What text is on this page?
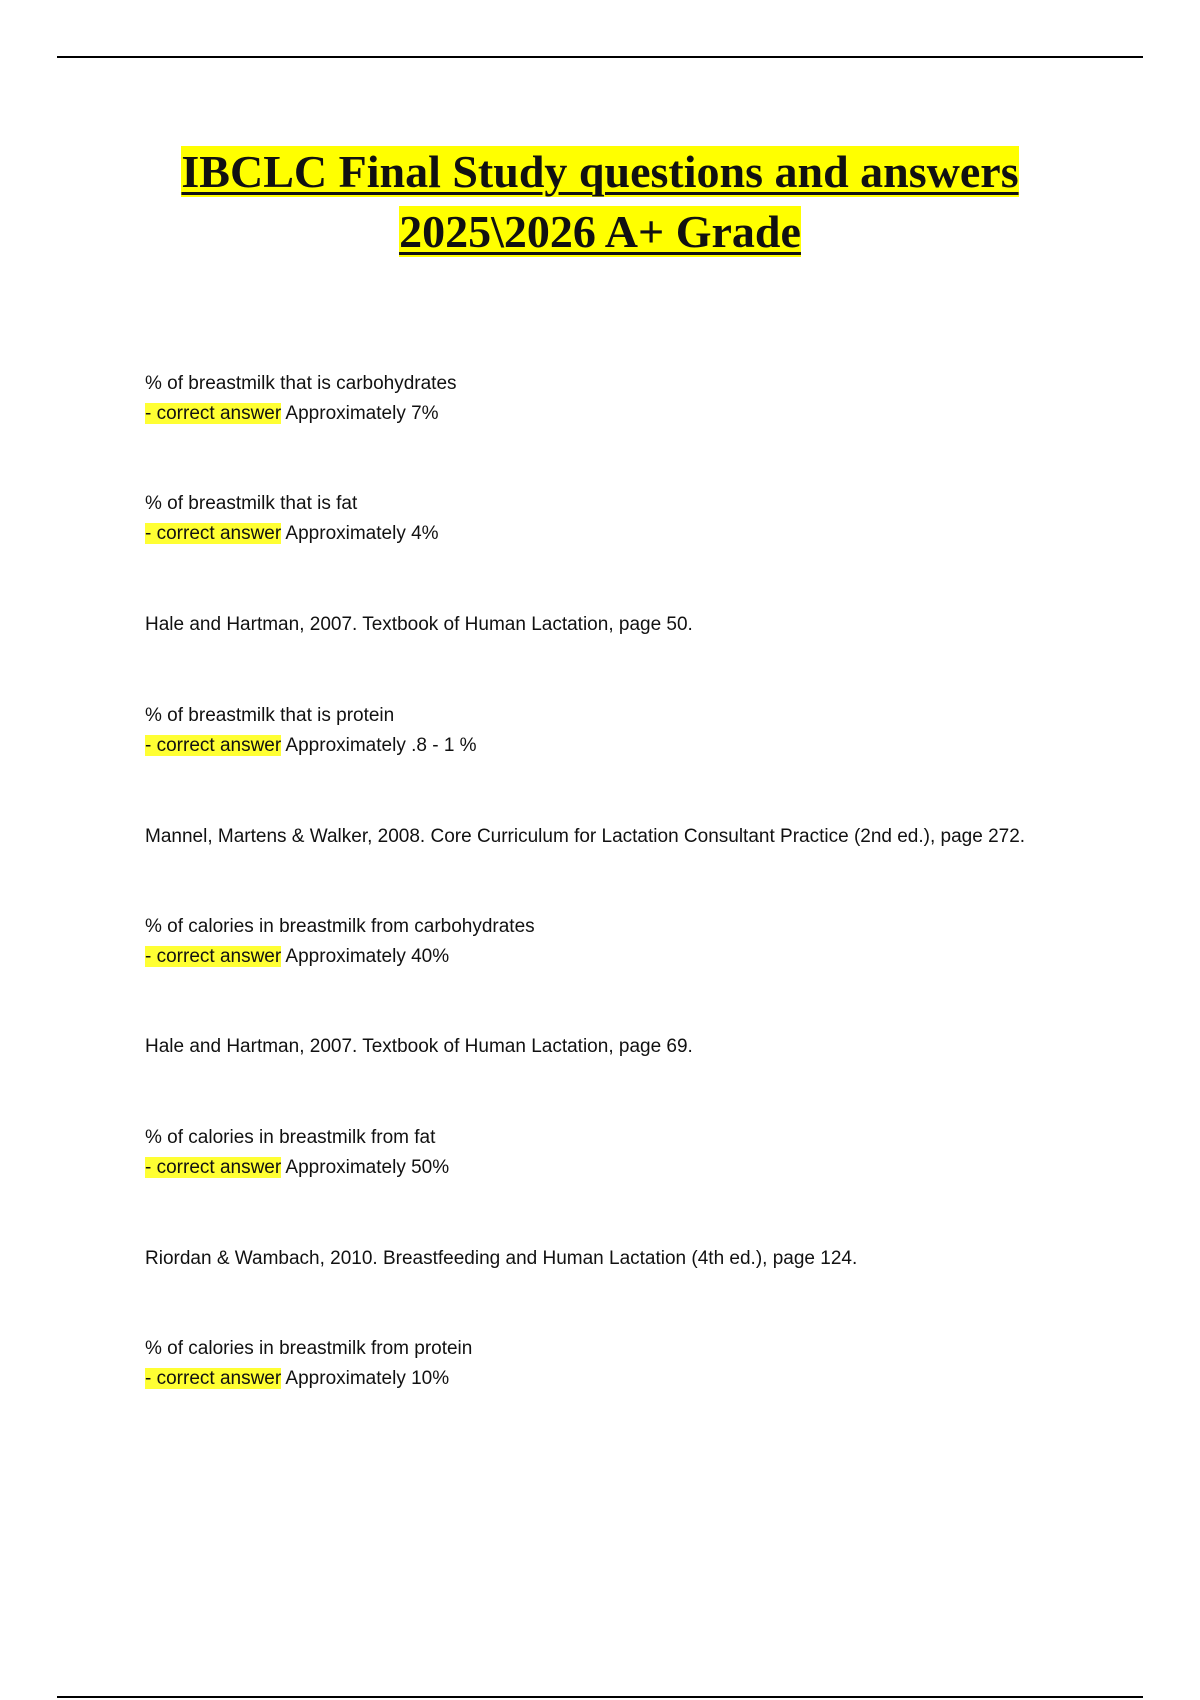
IBCLC Final Study questions and answers
2025\2026 A+ Grade
% of breastmilk that is carbohydrates
- correct answer Approximately 7%
% of breastmilk that is fat
- correct answer Approximately 4%
Hale and Hartman, 2007. Textbook of Human Lactation, page 50.
% of breastmilk that is protein
- correct answer Approximately .8 - 1 %
Mannel, Martens & Walker, 2008. Core Curriculum for Lactation Consultant Practice (2nd ed.), page 272.
% of calories in breastmilk from carbohydrates
- correct answer Approximately 40%
Hale and Hartman, 2007. Textbook of Human Lactation, page 69.
% of calories in breastmilk from fat
- correct answer Approximately 50%
Riordan & Wambach, 2010. Breastfeeding and Human Lactation (4th ed.), page 124.
% of calories in breastmilk from protein
- correct answer Approximately 10%
